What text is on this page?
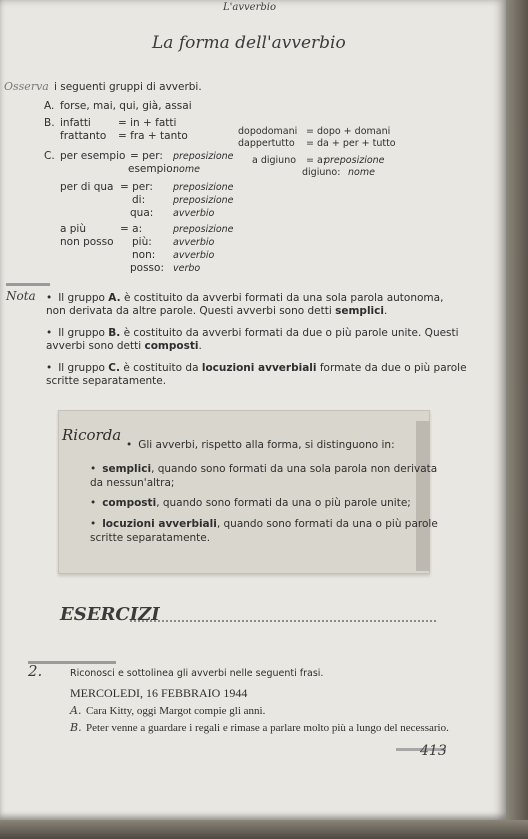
L'avverbio
La forma dell'avverbio
Osserva i seguenti gruppi di avverbi.
A. forse, mai, qui, già, assai
B. infatti	= in + fatti
frattanto = fra + tanto	dopodomani = dopo + domani
dappertutto = da + per + tutto
C. per esempio = per: preposizione
esempio:
nome
a digiuno = a:
preposizione
digiuno: nome
per di qua = per: preposizione
di:	preposizione
qua: avverbio
a più	= a:	preposizione
non posso più: avverbio
non: avverbio
posso: verbo
Nota
•	Il gruppo A. è costituito da avverbi formati da una sola parola autonoma,
non derivata da altre parole. Questi avverbi sono detti semplici.
• Il gruppo B. è costituito da avverbi formati da due o più parole unite. Questi
avverbi sono detti composti.
• Il gruppo C. è costituito da locuzioni avverbiali formate da due o più parole
scritte separatamente.
Ricorda
• Gli avverbi, rispetto alla forma, si distinguono in:
• semplici, quando sono formati da una sola parola non derivata
da nessun'altra;
• composti, quando sono formati da una o più parole unite;
• locuzioni avverbiali, quando sono formati da una o più parole
scritte separatamente.
ESERCIZI
2.	Riconosci e sottolinea gli avverbi nelle seguenti frasi.
MERCOLEDI, 16 FEBBRAIO 1944
A. Cara Kitty, oggi Margot compie gli anni.
B. Peter venne a guardare i regali e rimase a parlare molto più a lungo del necessario.
413
